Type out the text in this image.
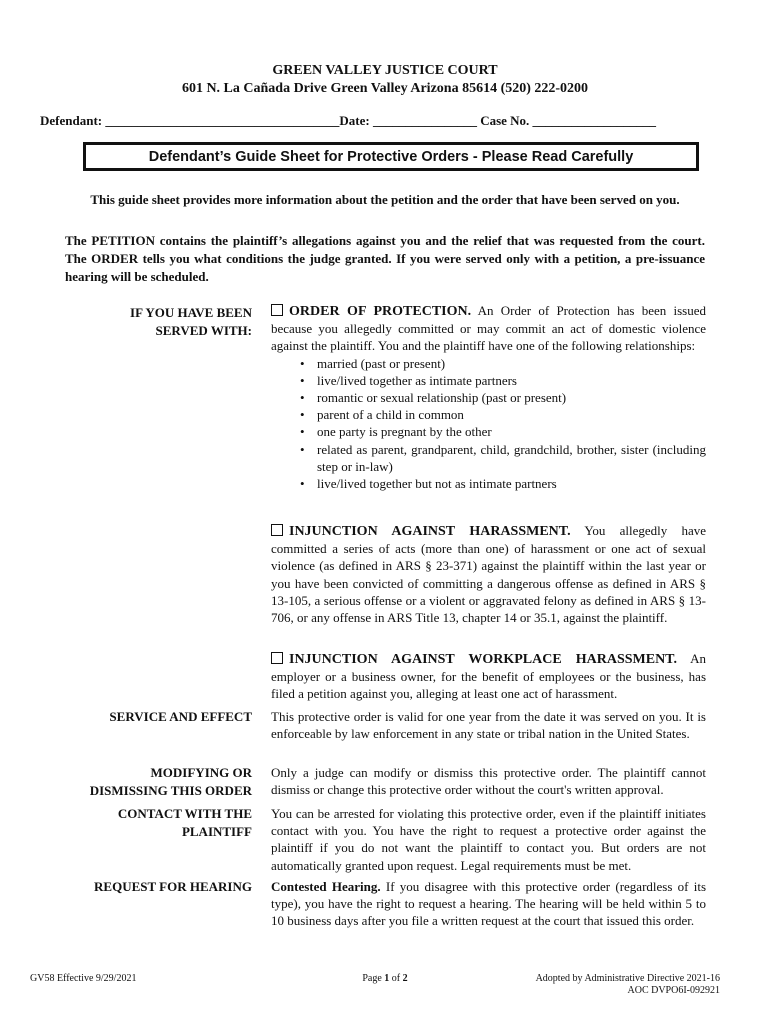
GREEN VALLEY JUSTICE COURT
601 N. La Cañada Drive Green Valley Arizona 85614 (520) 222-0200
Defendant: ____________________________________Date: ________________ Case No. ___________________
Defendant’s Guide Sheet for Protective Orders - Please Read Carefully
This guide sheet provides more information about the petition and the order that have been served on you.
The PETITION contains the plaintiff’s allegations against you and the relief that was requested from the court. The ORDER tells you what conditions the judge granted. If you were served only with a petition, a pre-issuance hearing will be scheduled.
IF YOU HAVE BEEN
SERVED WITH:
ORDER OF PROTECTION. An Order of Protection has been issued because you allegedly committed or may commit an act of domestic violence against the plaintiff. You and the plaintiff have one of the following relationships:
• married (past or present)
• live/lived together as intimate partners
• romantic or sexual relationship (past or present)
• parent of a child in common
• one party is pregnant by the other
• related as parent, grandparent, child, grandchild, brother, sister (including step or in-law)
• live/lived together but not as intimate partners
INJUNCTION AGAINST HARASSMENT. You allegedly have committed a series of acts (more than one) of harassment or one act of sexual violence (as defined in ARS § 23-371) against the plaintiff within the last year or you have been convicted of committing a dangerous offense as defined in ARS § 13-105, a serious offense or a violent or aggravated felony as defined in ARS § 13-706, or any offense in ARS Title 13, chapter 14 or 35.1, against the plaintiff.
INJUNCTION AGAINST WORKPLACE HARASSMENT. An employer or a business owner, for the benefit of employees or the business, has filed a petition against you, alleging at least one act of harassment.
SERVICE AND EFFECT This protective order is valid for one year from the date it was served on you. It is enforceable by law enforcement in any state or tribal nation in the United States.
MODIFYING OR
DISMISSING THIS ORDER
Only a judge can modify or dismiss this protective order. The plaintiff cannot dismiss or change this protective order without the court's written approval.
CONTACT WITH THE
PLAINTIFF
You can be arrested for violating this protective order, even if the plaintiff initiates contact with you. You have the right to request a protective order against the plaintiff if you do not want the plaintiff to contact you. But orders are not automatically granted upon request. Legal requirements must be met.
REQUEST FOR HEARING Contested Hearing. If you disagree with this protective order (regardless of its type), you have the right to request a hearing. The hearing will be held within 5 to 10 business days after you file a written request at the court that issued this order.
GV58 Effective 9/29/2021	Page 1 of 2	Adopted by Administrative Directive 2021-16
AOC DVPO6I-092921
